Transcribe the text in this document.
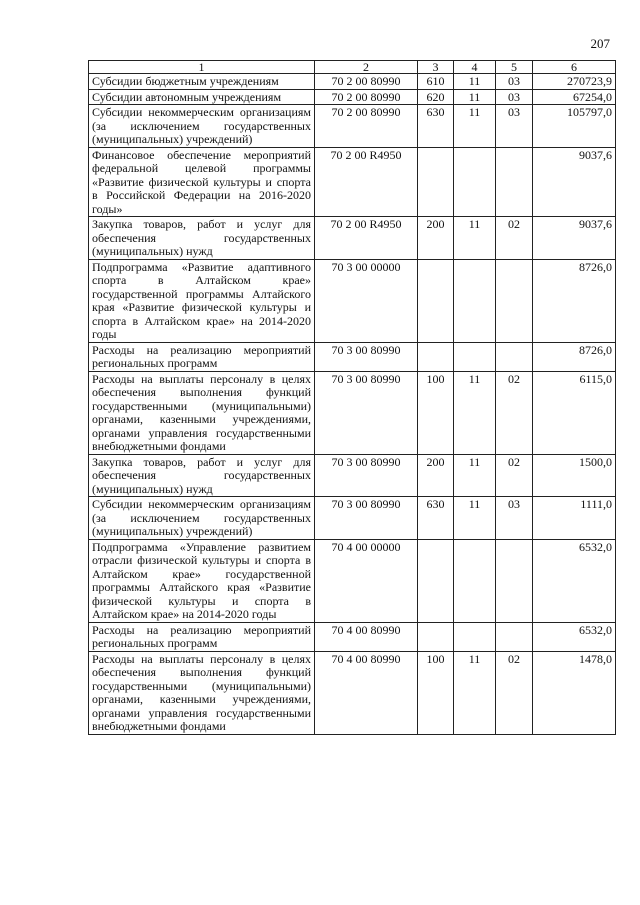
207
1	2	3	4	5	6
Субсидии бюджетным учреждениям	70 2 00 80990	610	11	03	270723,9
Субсидии автономным учреждениям	70 2 00 80990	620	11	03	67254,0
Субсидии некоммерческим организациям (за исключением государственных (муниципальных) учреждений)	70 2 00 80990	630	11	03	105797,0
Финансовое обеспечение мероприятий федеральной целевой программы «Развитие физической культуры и спорта в Российской Федерации на 2016-2020 годы»	70 2 00 R4950				9037,6
Закупка товаров, работ и услуг для обеспечения государственных (муниципальных) нужд	70 2 00 R4950	200	11	02	9037,6
Подпрограмма «Развитие адаптивного спорта в Алтайском крае» государственной программы Алтайского края «Развитие физической культуры и спорта в Алтайском крае» на 2014-2020 годы	70 3 00 00000				8726,0
Расходы на реализацию мероприятий региональных программ	70 3 00 80990				8726,0
Расходы на выплаты персоналу в целях обеспечения выполнения функций государственными (муниципальными) органами, казенными учреждениями, органами управления государственными внебюджетными фондами	70 3 00 80990	100	11	02	6115,0
Закупка товаров, работ и услуг для обеспечения государственных (муниципальных) нужд	70 3 00 80990	200	11	02	1500,0
Субсидии некоммерческим организациям (за исключением государственных (муниципальных) учреждений)	70 3 00 80990	630	11	03	1111,0
Подпрограмма «Управление развитием отрасли физической культуры и спорта в Алтайском крае» государственной программы Алтайского края «Развитие физической культуры и спорта в Алтайском крае» на 2014-2020 годы	70 4 00 00000				6532,0
Расходы на реализацию мероприятий региональных программ	70 4 00 80990				6532,0
Расходы на выплаты персоналу в целях обеспечения выполнения функций государственными (муниципальными) органами, казенными учреждениями, органами управления государственными внебюджетными фондами	70 4 00 80990	100	11	02	1478,0
